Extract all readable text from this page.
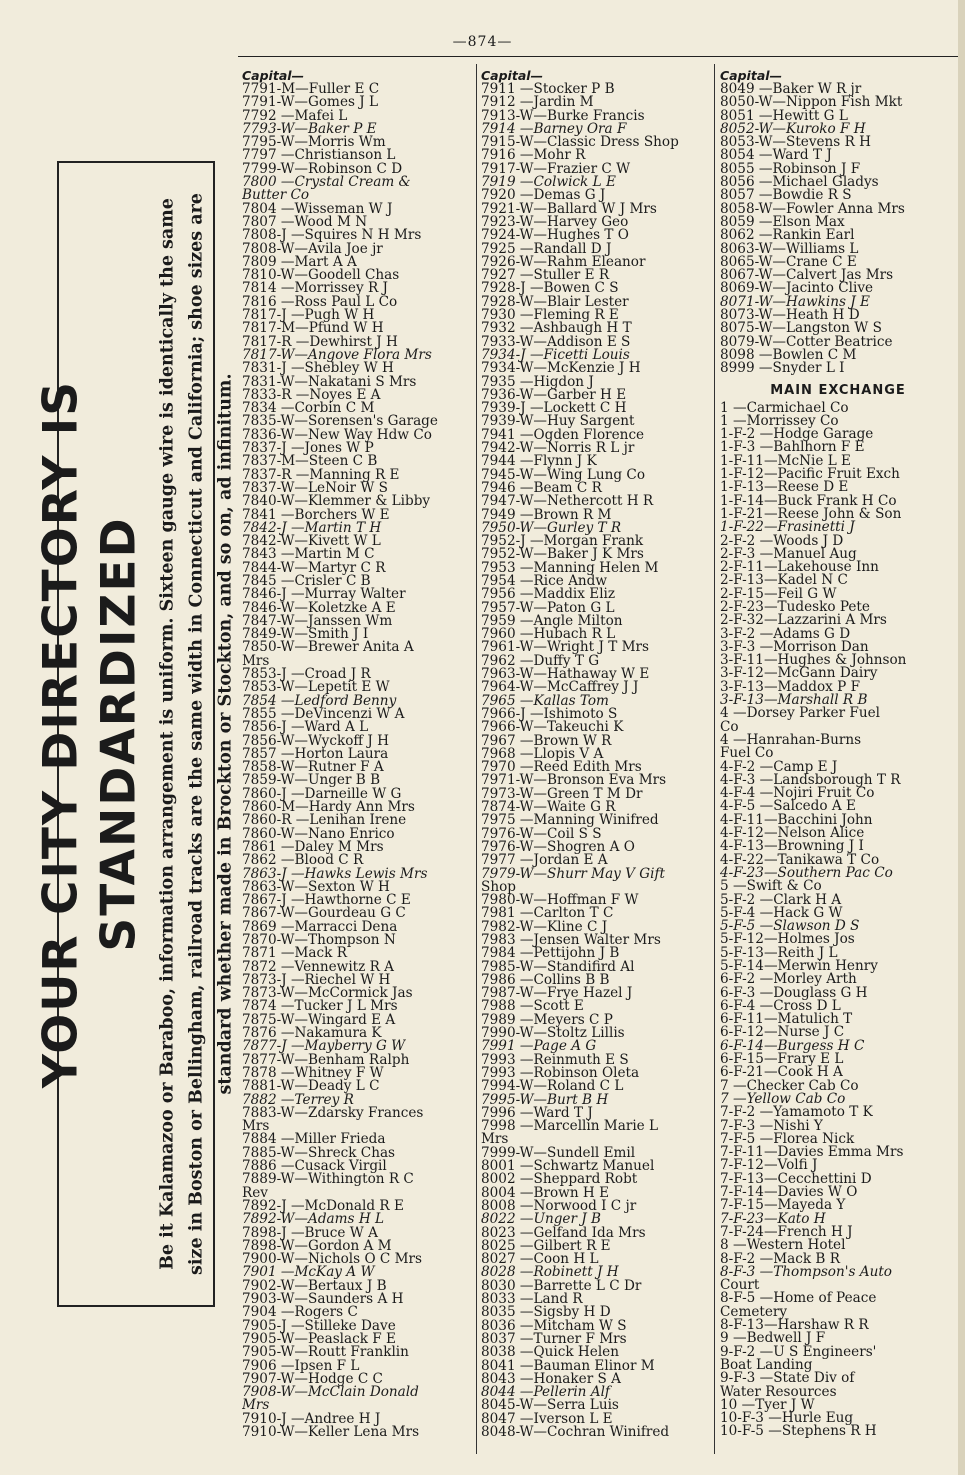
—874—
YOUR CITY DIRECTORY IS STANDARDIZED Be it Kalamazoo or Baraboo, information arrangement is uniform. Sixteen gauge wire is identically the same size in Boston or Bellingham, railroad tracks are the same width in Connecticut and California; shoe sizes are standard whether made in Brockton or Stockton, and so on, ad infinitum.
Capital—
7791-M—Fuller E C
7791-W—Gomes J L
7792 —Mafei L
7793-W—Baker P E
7795-W—Morris Wm
7797 —Christianson L
7799-W—Robinson C D
7800 —Crystal Cream &
Butter Co
7804 —Wisseman W J
7807 —Wood M N
7808-J —Squires N H Mrs
7808-W—Avila Joe jr
7809 —Mart A A
7810-W—Goodell Chas
7814 —Morrissey R J
7816 —Ross Paul L Co
7817-J —Pugh W H
7817-M—Pfund W H
7817-R —Dewhirst J H
7817-W—Angove Flora Mrs
7831-J —Shebley W H
7831-W—Nakatani S Mrs
7833-R —Noyes E A
7834 —Corbin C M
7835-W—Sorensen's Garage
7836-W—New Way Hdw Co
7837-J —Jones W P
7837-M—Steen C B
7837-R —Manning R E
7837-W—LeNoir W S
7840-W—Klemmer & Libby
7841 —Borchers W E
7842-J —Martin T H
7842-W—Kivett W L
7843 —Martin M C
7844-W—Martyr C R
7845 —Crisler C B
7846-J —Murray Walter
7846-W—Koletzke A E
7847-W—Janssen Wm
7849-W—Smith J I
7850-W—Brewer Anita A
Mrs
7853-J —Croad J R
7853-W—Lepetit E W
7854 —Ledford Benny
7855 —DeVincenzi W A
7856-J —Ward A L
7856-W—Wyckoff J H
7857 —Horton Laura
7858-W—Rutner F A
7859-W—Unger B B
7860-J —Darneille W G
7860-M—Hardy Ann Mrs
7860-R —Lenihan Irene
7860-W—Nano Enrico
7861 —Daley M Mrs
7862 —Blood C R
7863-J —Hawks Lewis Mrs
7863-W—Sexton W H
7867-J —Hawthorne C E
7867-W—Gourdeau G C
7869 —Marracci Dena
7870-W—Thompson N
7871 —Mack R
7872 —Vennewitz R A
7873-J —Riechel W H
7873-W—McCormick Jas
7874 —Tucker J L Mrs
7875-W—Wingard E A
7876 —Nakamura K
7877-J —Mayberry G W
7877-W—Benham Ralph
7878 —Whitney F W
7881-W—Deady L C
7882 —Terrey R
7883-W—Zdarsky Frances
Mrs
7884 —Miller Frieda
7885-W—Shreck Chas
7886 —Cusack Virgil
7889-W—Withington R C
Rev
7892-J —McDonald R E
7892-W—Adams H L
7898-J —Bruce W A
7898-W—Gordon A M
7900-W—Nichols O C Mrs
7901 —McKay A W
7902-W—Bertaux J B
7903-W—Saunders A H
7904 —Rogers C
7905-J —Stilleke Dave
7905-W—Peaslack F E
7905-W—Routt Franklin
7906 —Ipsen F L
7907-W—Hodge C C
7908-W—McClain Donald
Mrs
7910-J —Andree H J
7910-W—Keller Lena Mrs
Capital—
7911 —Stocker P B
7912 —Jardin M
7913-W—Burke Francis
7914 —Barney Ora F
7915-W—Classic Dress Shop
7916 —Mohr R
7917-W—Frazier C W
7919 —Colwick L E
7920 —Demas G J
7921-W—Ballard W J Mrs
7923-W—Harvey Geo
7924-W—Hughes T O
7925 —Randall D J
7926-W—Rahm Eleanor
7927 —Stuller E R
7928-J —Bowen C S
7928-W—Blair Lester
7930 —Fleming R E
7932 —Ashbaugh H T
7933-W—Addison E S
7934-J —Ficetti Louis
7934-W—McKenzie J H
7935 —Higdon J
7936-W—Garber H E
7939-J —Lockett C H
7939-W—Huy Sargent
7941 —Ogden Florence
7942-W—Norris R L jr
7944 —Flynn J K
7945-W—Wing Lung Co
7946 —Beam C R
7947-W—Nethercott H R
7949 —Brown R M
7950-W—Gurley T R
7952-J —Morgan Frank
7952-W—Baker J K Mrs
7953 —Manning Helen M
7954 —Rice Andw
7956 —Maddix Eliz
7957-W—Paton G L
7959 —Angle Milton
7960 —Hubach R L
7961-W—Wright J T Mrs
7962 —Duffy T G
7963-W—Hathaway W E
7964-W—McCaffrey J J
7965 —Kallas Tom
7966-J —Ishimoto S
7966-W—Takeuchi K
7967 —Brown W R
7968 —Llopis V A
7970 —Reed Edith Mrs
7971-W—Bronson Eva Mrs
7973-W—Green T M Dr
7874-W—Waite G R
7975 —Manning Winifred
7976-W—Coil S S
7976-W—Shogren A O
7977 —Jordan E A
7979-W—Shurr May V Gift
Shop
7980-W—Hoffman F W
7981 —Carlton T C
7982-W—Kline C J
7983 —Jensen Walter Mrs
7984 —Pettijohn J B
7985-W—Standifird Al
7986 —Collins B B
7987-W—Frye Hazel J
7988 —Scott E
7989 —Meyers C P
7990-W—Stoltz Lillis
7991 —Page A G
7993 —Reinmuth E S
7993 —Robinson Oleta
7994-W—Roland C L
7995-W—Burt B H
7996 —Ward T J
7998 —Marcellin Marie L
Mrs
7999-W—Sundell Emil
8001 —Schwartz Manuel
8002 —Sheppard Robt
8004 —Brown H E
8008 —Norwood I C jr
8022 —Unger J B
8023 —Gelfand Ida Mrs
8025 —Gilbert R E
8027 —Coon H L
8028 —Robinett J H
8030 —Barrette L C Dr
8033 —Land R
8035 —Sigsby H D
8036 —Mitcham W S
8037 —Turner F Mrs
8038 —Quick Helen
8041 —Bauman Elinor M
8043 —Honaker S A
8044 —Pellerin Alf
8045-W—Serra Luis
8047 —Iverson L E
8048-W—Cochran Winifred
Capital—
8049 —Baker W R jr
8050-W—Nippon Fish Mkt
8051 —Hewitt G L
8052-W—Kuroko F H
8053-W—Stevens R H
8054 —Ward T J
8055 —Robinson J F
8056 —Michael Gladys
8057 —Bowdie R S
8058-W—Fowler Anna Mrs
8059 —Elson Max
8062 —Rankin Earl
8063-W—Williams L
8065-W—Crane C E
8067-W—Calvert Jas Mrs
8069-W—Jacinto Clive
8071-W—Hawkins J E
8073-W—Heath H D
8075-W—Langston W S
8079-W—Cotter Beatrice
8098 —Bowlen C M
8999 —Snyder L I
MAIN EXCHANGE
1 —Carmichael Co
1 —Morrissey Co
1-F-2 —Hodge Garage
1-F-3 —Bahlhorn F E
1-F-11—McNie L E
1-F-12—Pacific Fruit Exch
1-F-13—Reese D E
1-F-14—Buck Frank H Co
1-F-21—Reese John & Son
1-F-22—Frasinetti J
2-F-2 —Woods J D
2-F-3 —Manuel Aug
2-F-11—Lakehouse Inn
2-F-13—Kadel N C
2-F-15—Feil G W
2-F-23—Tudesko Pete
2-F-32—Lazzarini A Mrs
3-F-2 —Adams G D
3-F-3 —Morrison Dan
3-F-11—Hughes & Johnson
3-F-12—McGann Dairy
3-F-13—Maddox P F
3-F-13—Marshall R B
4 —Dorsey Parker Fuel
Co
4 —Hanrahan-Burns
Fuel Co
4-F-2 —Camp E J
4-F-3 —Landsborough T R
4-F-4 —Nojiri Fruit Co
4-F-5 —Salcedo A E
4-F-11—Bacchini John
4-F-12—Nelson Alice
4-F-13—Browning J I
4-F-22—Tanikawa T Co
4-F-23—Southern Pac Co
5 —Swift & Co
5-F-2 —Clark H A
5-F-4 —Hack G W
5-F-5 —Slawson D S
5-F-12—Holmes Jos
5-F-13—Reith J L
5-F-14—Merwin Henry
6-F-2 —Morley Arth
6-F-3 —Douglass G H
6-F-4 —Cross D L
6-F-11—Matulich T
6-F-12—Nurse J C
6-F-14—Burgess H C
6-F-15—Frary E L
6-F-21—Cook H A
7 —Checker Cab Co
7 —Yellow Cab Co
7-F-2 —Yamamoto T K
7-F-3 —Nishi Y
7-F-5 —Florea Nick
7-F-11—Davies Emma Mrs
7-F-12—Volfi J
7-F-13—Cecchettini D
7-F-14—Davies W O
7-F-15—Mayeda Y
7-F-23—Kato H
7-F-24—French H J
8 —Western Hotel
8-F-2 —Mack B R
8-F-3 —Thompson's Auto
Court
8-F-5 —Home of Peace
Cemetery
8-F-13—Harshaw R R
9 —Bedwell J F
9-F-2 —U S Engineers'
Boat Landing
9-F-3 —State Div of
Water Resources
10 —Tyer J W
10-F-3 —Hurle Eug
10-F-5 —Stephens R H
